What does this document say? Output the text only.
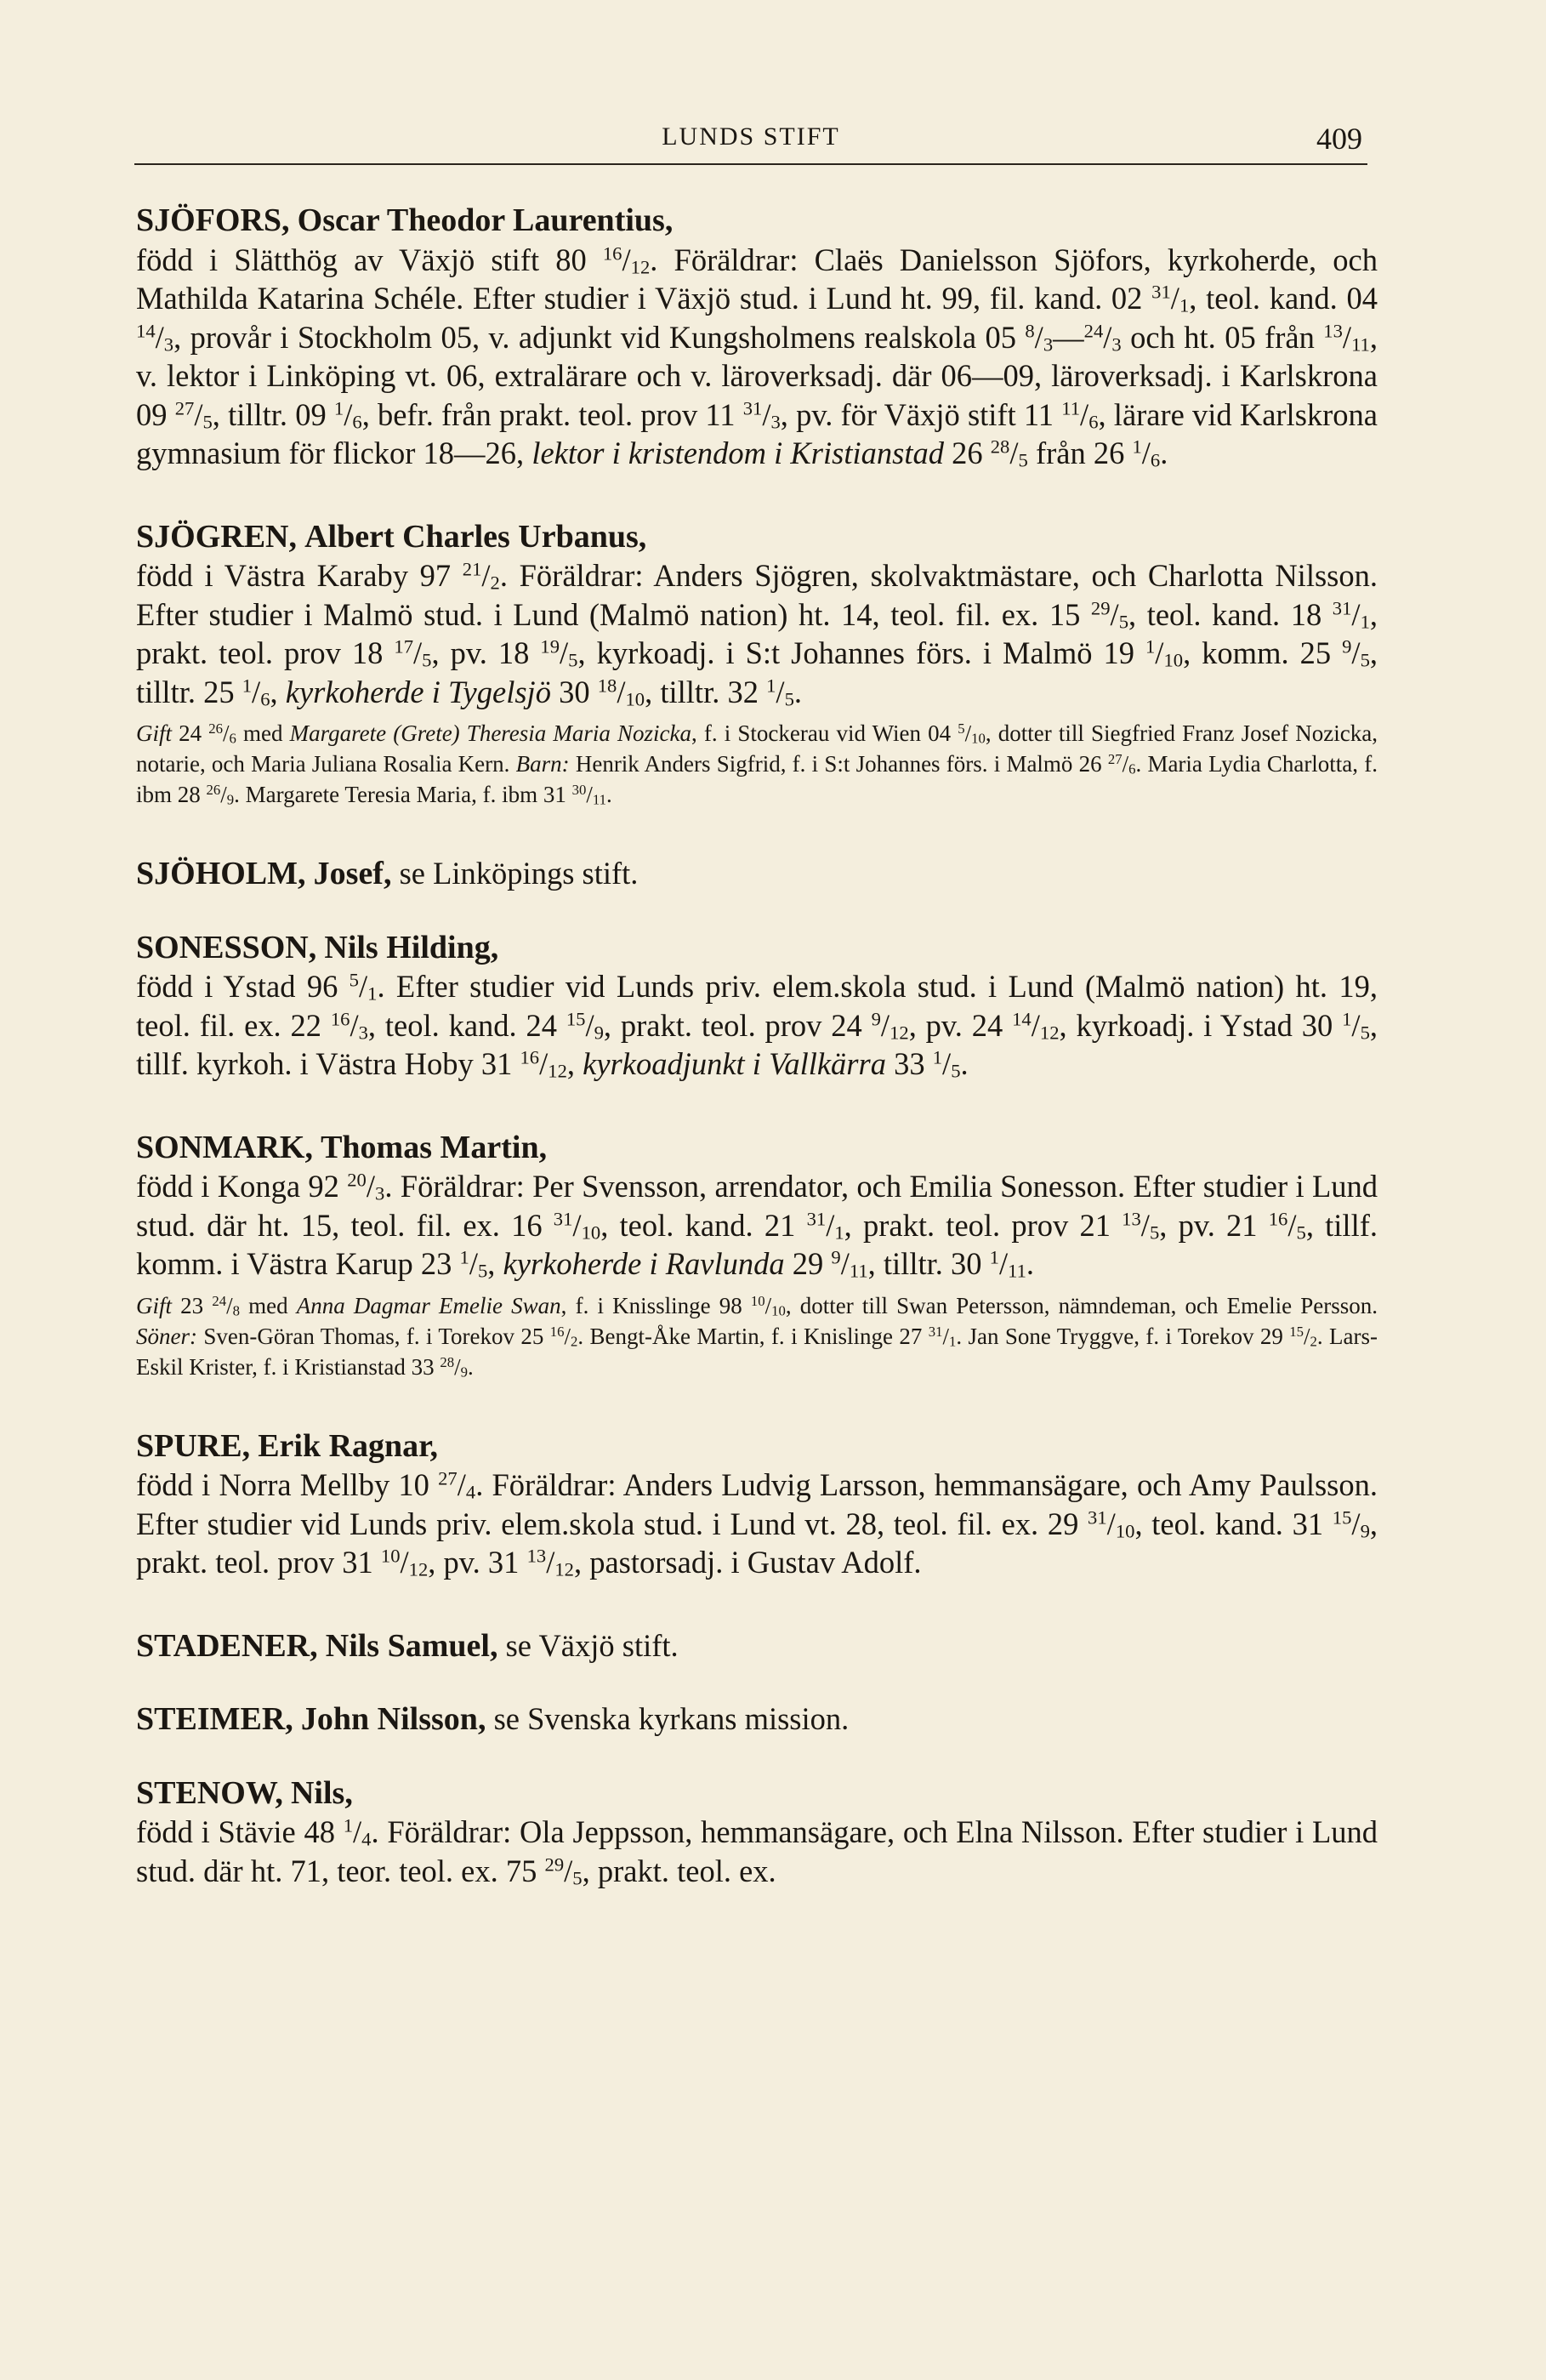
LUNDS STIFT	409

SJÖFORS, Oscar Theodor Laurentius,
född i Slätthög av Växjö stift 80 $^{16}/_{12}$. Föräldrar: Claës Danielsson Sjöfors, kyrkoherde, och Mathilda Katarina Schéle. Efter studier i Växjö stud. i Lund ht. 99, fil. kand. 02 $^{31}/_1$, teol. kand. 04 $^{14}/_3$, provår i Stockholm 05, v. adjunkt vid Kungsholmens realskola 05 $^8/_3—^{24}/_3$ och ht. 05 från $^{13}/_{11}$, v. lektor i Linköping vt. 06, extralärare och v. läroverksadj. där 06—09, läroverksadj. i Karlskrona 09 $^{27}/_5$, tilltr. 09 $^1/_6$, befr. från prakt. teol. prov 11 $^{31}/_3$, pv. för Växjö stift 11 $^{11}/_6$, lärare vid Karlskrona gymnasium för flickor 18—26, lektor i kristendom i Kristianstad 26 $^{28}/_5$ från 26 $^1/_6$.

SJÖGREN, Albert Charles Urbanus,
född i Västra Karaby 97 $^{21}/_2$. Föräldrar: Anders Sjögren, skolvaktmästare, och Charlotta Nilsson. Efter studier i Malmö stud. i Lund (Malmö nation) ht. 14, teol. fil. ex. 15 $^{29}/_5$, teol. kand. 18 $^{31}/_1$, prakt. teol. prov 18 $^{17}/_5$, pv. 18 $^{19}/_5$, kyrkoadj. i S:t Johannes förs. i Malmö 19 $^1/_{10}$, komm. 25 $^9/_5$, tilltr. 25 $^1/_6$, kyrkoherde i Tygelsjö 30 $^{18}/_{10}$, tilltr. 32 $^1/_5$.

Gift 24 $^{26}/_6$ med Margarete (Grete) Theresia Maria Nozicka, f. i Stockerau vid Wien 04 $^5/_{10}$, dotter till Siegfried Franz Josef Nozicka, notarie, och Maria Juliana Rosalia Kern. Barn: Henrik Anders Sigfrid, f. i S:t Johannes förs. i Malmö 26 $^{27}/_6$. Maria Lydia Charlotta, f. ibm 28 $^{26}/_9$. Margarete Teresia Maria, f. ibm 31 $^{30}/_{11}$.

SJÖHOLM, Josef, se Linköpings stift.

SONESSON, Nils Hilding,
född i Ystad 96 $^5/_1$. Efter studier vid Lunds priv. elem.skola stud. i Lund (Malmö nation) ht. 19, teol. fil. ex. 22 $^{16}/_3$, teol. kand. 24 $^{15}/_9$, prakt. teol. prov 24 $^9/_{12}$, pv. 24 $^{14}/_{12}$, kyrkoadj. i Ystad 30 $^1/_5$, tillf. kyrkoh. i Västra Hoby 31 $^{16}/_{12}$, kyrkoadjunkt i Vallkärra 33 $^1/_5$.

SONMARK, Thomas Martin,
född i Konga 92 $^{20}/_3$. Föräldrar: Per Svensson, arrendator, och Emilia Sonesson. Efter studier i Lund stud. där ht. 15, teol. fil. ex. 16 $^{31}/_{10}$, teol. kand. 21 $^{31}/_1$, prakt. teol. prov 21 $^{13}/_5$, pv. 21 $^{16}/_5$, tillf. komm. i Västra Karup 23 $^1/_5$, kyrkoherde i Ravlunda 29 $^9/_{11}$, tilltr. 30 $^1/_{11}$.

Gift 23 $^{24}/_8$ med Anna Dagmar Emelie Swan, f. i Knisslinge 98 $^{10}/_{10}$, dotter till Swan Petersson, nämndeman, och Emelie Persson. Söner: Sven-Göran Thomas, f. i Torekov 25 $^{16}/_2$. Bengt-Åke Martin, f. i Knislinge 27 $^{31}/_1$. Jan Sone Tryggve, f. i Torekov 29 $^{15}/_2$. Lars-Eskil Krister, f. i Kristianstad 33 $^{28}/_9$.

SPURE, Erik Ragnar,
född i Norra Mellby 10 $^{27}/_4$. Föräldrar: Anders Ludvig Larsson, hemmansägare, och Amy Paulsson. Efter studier vid Lunds priv. elem.skola stud. i Lund vt. 28, teol. fil. ex. 29 $^{31}/_{10}$, teol. kand. 31 $^{15}/_9$, prakt. teol. prov 31 $^{10}/_{12}$, pv. 31 $^{13}/_{12}$, pastorsadj. i Gustav Adolf.

STADENER, Nils Samuel, se Växjö stift.

STEIMER, John Nilsson, se Svenska kyrkans mission.

STENOW, Nils,
född i Stävie 48 $^1/_4$. Föräldrar: Ola Jeppsson, hemmansägare, och Elna Nilsson. Efter studier i Lund stud. där ht. 71, teor. teol. ex. 75 $^{29}/_5$, prakt. teol. ex.
